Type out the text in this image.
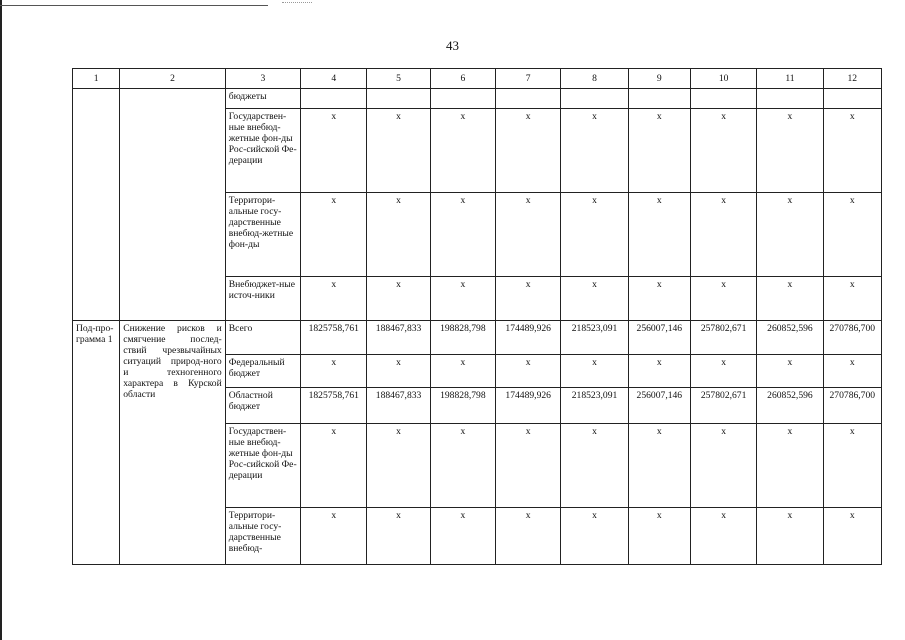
43
1	2	3	4	5	6	7	8	9	10	11	12
		бюджеты									
		Государствен-ные внебюд-жетные фон-ды Рос-сийской Фе-дерации	x	x	x	x	x	x	x	x	x
		Территори-альные госу-дарственные внебюд-жетные фон-ды	x	x	x	x	x	x	x	x	x
		Внебюджет-ные источ-ники	x	x	x	x	x	x	x	x	x
Под-про-грамма 1	Снижение рисков и смягчение послед-ствий чрезвычайных ситуаций природ-ного и техногенного характера в Курской области	Всего	1825758,761	188467,833	198828,798	174489,926	218523,091	256007,146	257802,671	260852,596	270786,700
		Федеральный бюджет	x	x	x	x	x	x	x	x	x
		Областной бюджет	1825758,761	188467,833	198828,798	174489,926	218523,091	256007,146	257802,671	260852,596	270786,700
		Государствен-ные внебюд-жетные фон-ды Рос-сийской Фе-дерации	x	x	x	x	x	x	x	x	x
		Территори-альные госу-дарственные внебюд-	x	x	x	x	x	x	x	x	x
